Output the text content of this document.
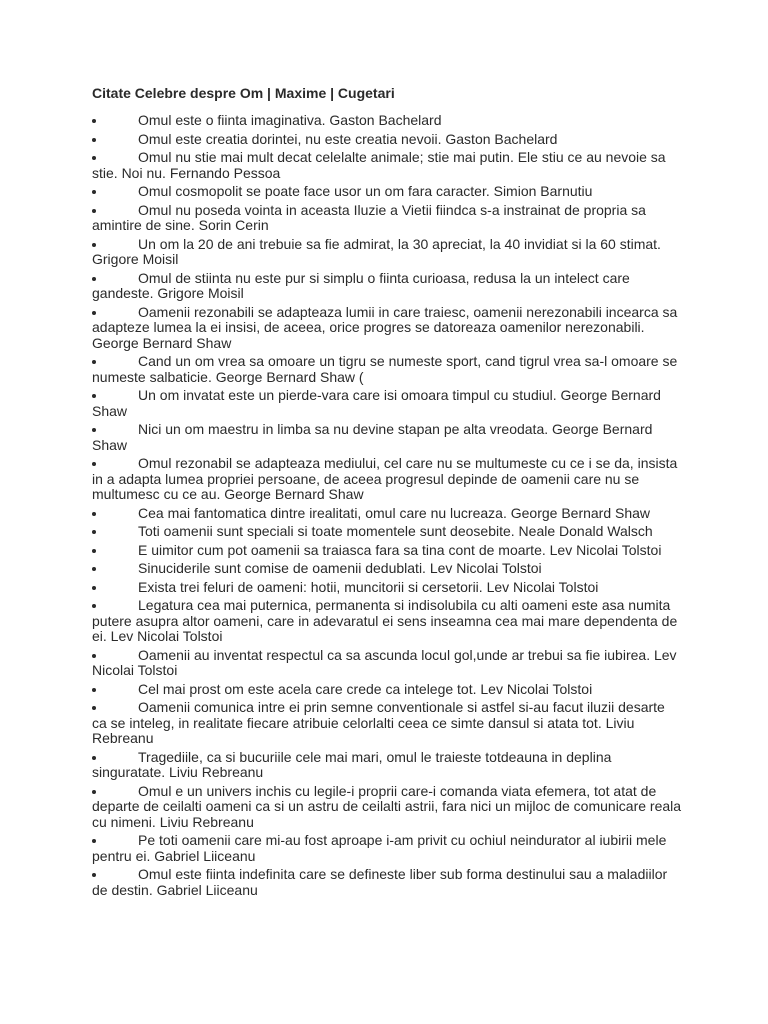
Citate Celebre despre Om | Maxime | Cugetari
Omul este o fiinta imaginativa. Gaston Bachelard
Omul este creatia dorintei, nu este creatia nevoii. Gaston Bachelard
Omul nu stie mai mult decat celelalte animale; stie mai putin. Ele stiu ce au nevoie sa stie. Noi nu. Fernando Pessoa
Omul cosmopolit se poate face usor un om fara caracter. Simion Barnutiu
Omul nu poseda vointa in aceasta Iluzie a Vietii fiindca s-a instrainat de propria sa amintire de sine. Sorin Cerin
Un om la 20 de ani trebuie sa fie admirat, la 30 apreciat, la 40 invidiat si la 60 stimat. Grigore Moisil
Omul de stiinta nu este pur si simplu o fiinta curioasa, redusa la un intelect care gandeste. Grigore Moisil
Oamenii rezonabili se adapteaza lumii in care traiesc, oamenii nerezonabili incearca sa adapteze lumea la ei insisi, de aceea, orice progres se datoreaza oamenilor nerezonabili. George Bernard Shaw
Cand un om vrea sa omoare un tigru se numeste sport, cand tigrul vrea sa-l omoare se numeste salbaticie. George Bernard Shaw (
Un om invatat este un pierde-vara care isi omoara timpul cu studiul. George Bernard Shaw
Nici un om maestru in limba sa nu devine stapan pe alta vreodata. George Bernard Shaw
Omul rezonabil se adapteaza mediului, cel care nu se multumeste cu ce i se da, insista in a adapta lumea propriei persoane, de aceea progresul depinde de oamenii care nu se multumesc cu ce au. George Bernard Shaw
Cea mai fantomatica dintre irealitati, omul care nu lucreaza. George Bernard Shaw
Toti oamenii sunt speciali si toate momentele sunt deosebite. Neale Donald Walsch
E uimitor cum pot oamenii sa traiasca fara sa tina cont de moarte. Lev Nicolai Tolstoi
Sinuciderile sunt comise de oamenii dedublati. Lev Nicolai Tolstoi
Exista trei feluri de oameni: hotii, muncitorii si cersetorii. Lev Nicolai Tolstoi
Legatura cea mai puternica, permanenta si indisolubila cu alti oameni este asa numita putere asupra altor oameni, care in adevaratul ei sens inseamna cea mai mare dependenta de ei. Lev Nicolai Tolstoi
Oamenii au inventat respectul ca sa ascunda locul gol,unde ar trebui sa fie iubirea. Lev Nicolai Tolstoi
Cel mai prost om este acela care crede ca intelege tot. Lev Nicolai Tolstoi
Oamenii comunica intre ei prin semne conventionale si astfel si-au facut iluzii desarte ca se inteleg, in realitate fiecare atribuie celorlalti ceea ce simte dansul si atata tot. Liviu Rebreanu
Tragediile, ca si bucuriile cele mai mari, omul le traieste totdeauna in deplina singuratate. Liviu Rebreanu
Omul e un univers inchis cu legile-i proprii care-i comanda viata efemera, tot atat de departe de ceilalti oameni ca si un astru de ceilalti astrii, fara nici un mijloc de comunicare reala cu nimeni. Liviu Rebreanu
Pe toti oamenii care mi-au fost aproape i-am privit cu ochiul neindurator al iubirii mele pentru ei. Gabriel Liiceanu
Omul este fiinta indefinita care se defineste liber sub forma destinului sau a maladiilor de destin. Gabriel Liiceanu
